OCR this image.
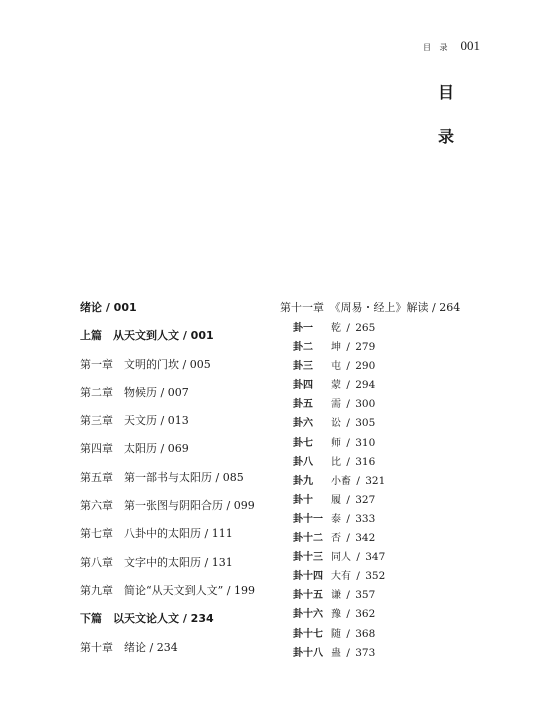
目 录 001
目
录
绪论 / 001
上篇　从天文到人文 / 001
第一章　文明的门坎 / 005
第二章　物候历 / 007
第三章　天文历 / 013
第四章　太阳历 / 069
第五章　第一部书与太阳历 / 085
第六章　第一张图与阴阳合历 / 099
第七章　八卦中的太阳历 / 111
第八章　文字中的太阳历 / 131
第九章　简论“从天文到人文” / 199
下篇　以天文论人文 / 234
第十章　绪论 / 234
第十一章　《周易・经上》解读 / 264
卦一 乾 / 265
卦二 坤 / 279
卦三 屯 / 290
卦四 蒙 / 294
卦五 需 / 300
卦六 讼 / 305
卦七 师 / 310
卦八 比 / 316
卦九 小畜 / 321
卦十 履 / 327
卦十一 泰 / 333
卦十二 否 / 342
卦十三 同人 / 347
卦十四 大有 / 352
卦十五 谦 / 357
卦十六 豫 / 362
卦十七 随 / 368
卦十八 蛊 / 373
